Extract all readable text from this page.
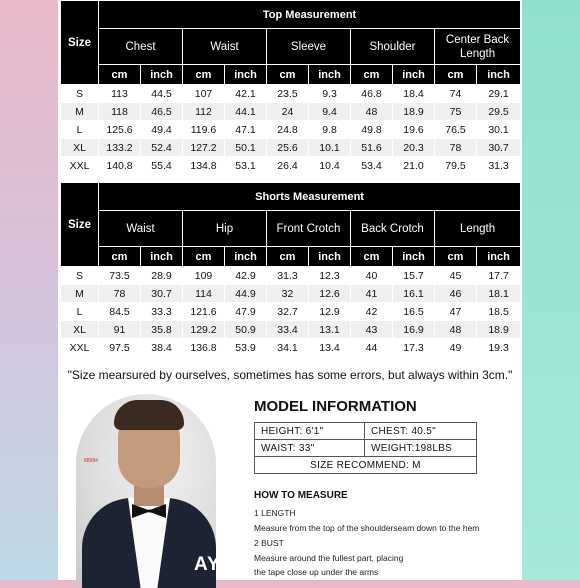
Size	Top Measurement									
	Chest		Waist		Sleeve		Shoulder		Center Back Length	
	cm	inch	cm	inch	cm	inch	cm	inch	cm	inch
S	113	44.5	107	42.1	23.5	9.3	46.8	18.4	74	29.1
M	118	46.5	112	44.1	24	9.4	48	18.9	75	29.5
L	125.6	49.4	119.6	47.1	24.8	9.8	49.8	19.6	76.5	30.1
XL	133.2	52.4	127.2	50.1	25.6	10.1	51.6	20.3	78	30.7
XXL	140.8	55.4	134.8	53.1	26.4	10.4	53.4	21.0	79.5	31.3
Size	Shorts Measurement									
	Waist		Hip		Front Crotch		Back Crotch		Length	
	cm	inch	cm	inch	cm	inch	cm	inch	cm	inch
S	73.5	28.9	109	42.9	31.3	12.3	40	15.7	45	17.7
M	78	30.7	114	44.9	32	12.6	41	16.1	46	18.1
L	84.5	33.3	121.6	47.9	32.7	12.9	42	16.5	47	18.5
XL	91	35.8	129.2	50.9	33.4	13.1	43	16.9	48	18.9
XXL	97.5	38.4	136.8	53.9	34.1	13.4	44	17.3	49	19.3
"Size mearsured by ourselves, sometimes has some errors, but always within 3cm."
88984
AYJI
MODEL INFORMATION
HEIGHT: 6'1"	CHEST: 40.5"
WAIST: 33"	WEIGHT:198LBS
SIZE RECOMMEND: M	
HOW TO MEASURE
1 LENGTH
Measure from the top of the shoulderseam down to the hem
2 BUST
Measure around the fullest part, placing
the tape close up under the arms
